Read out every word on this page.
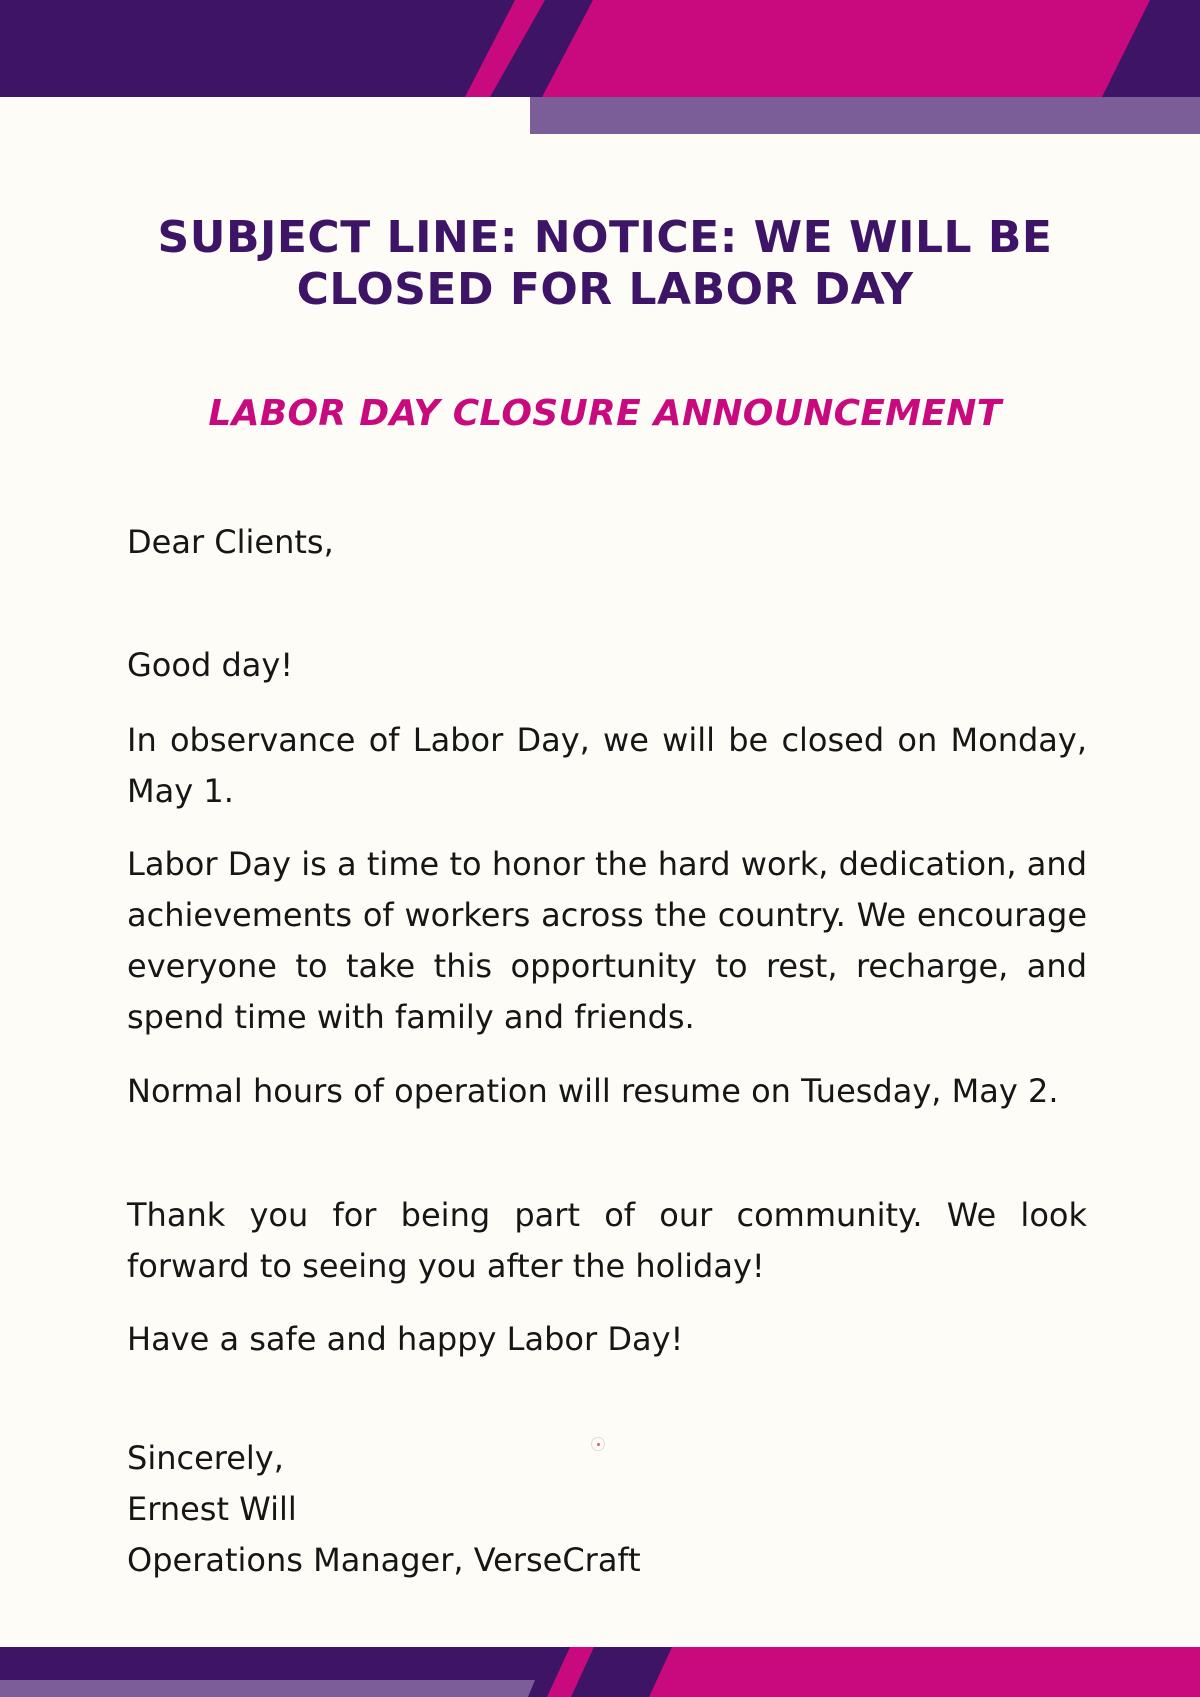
SUBJECT LINE: NOTICE: WE WILL BE CLOSED FOR LABOR DAY
LABOR DAY CLOSURE ANNOUNCEMENT

Dear Clients,

Good day!

In observance of Labor Day, we will be closed on Monday, May 1.

Labor Day is a time to honor the hard work, dedication, and achievements of workers across the country. We encourage everyone to take this opportunity to rest, recharge, and spend time with family and friends.

Normal hours of operation will resume on Tuesday, May 2.

Thank you for being part of our community. We look forward to seeing you after the holiday!

Have a safe and happy Labor Day!

Sincerely,
Ernest Will
Operations Manager, VerseCraft
